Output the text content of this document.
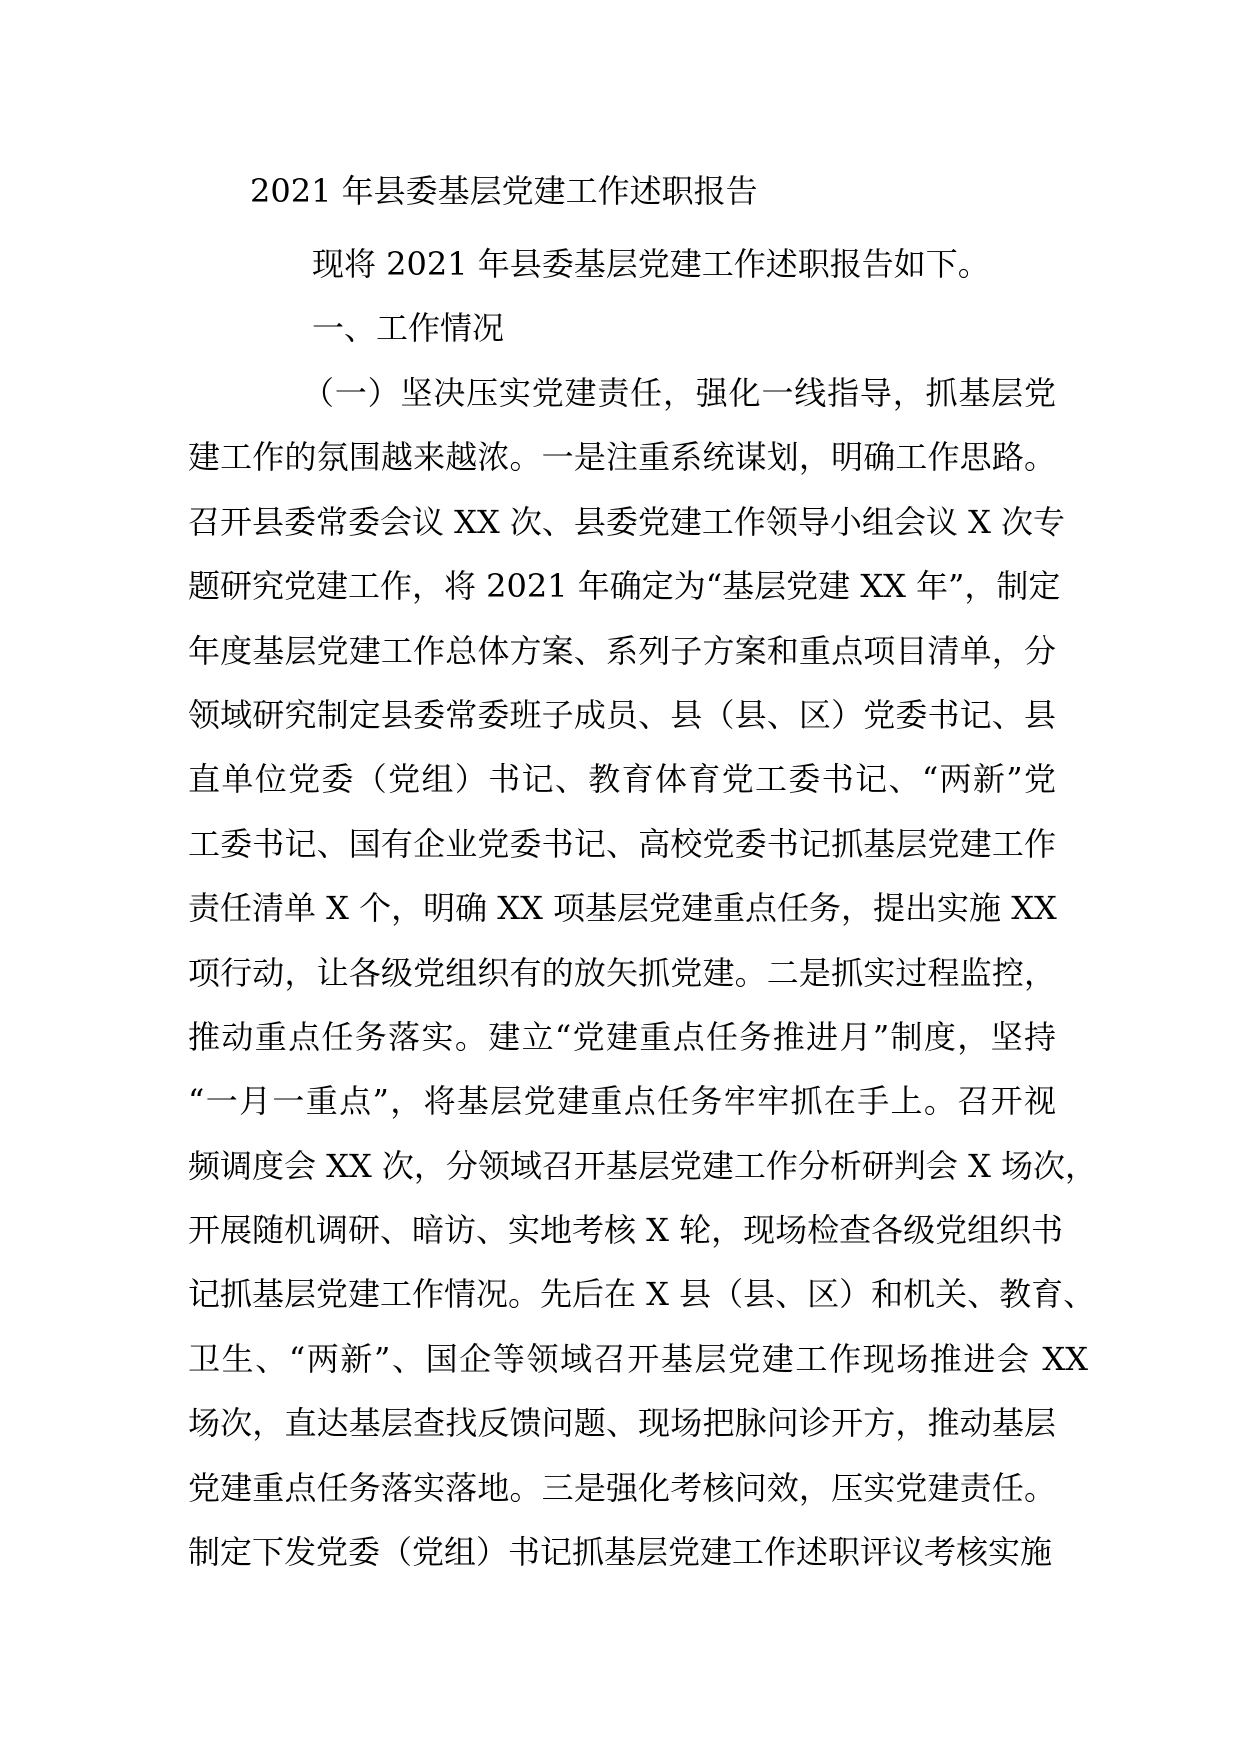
2021 年县委基层党建工作述职报告

现将 2021 年县委基层党建工作述职报告如下。

一、工作情况
（一）坚决压实党建责任，强化一线指导，抓基层党
建工作的氛围越来越浓。一是注重系统谋划，明确工作思路。
召开县委常委会议 XX 次、县委党建工作领导小组会议 X 次专
题研究党建工作，将 2021 年确定为“基层党建 XX 年”，制定
年度基层党建工作总体方案、系列子方案和重点项目清单，分
领域研究制定县委常委班子成员、县（县、区）党委书记、县
直单位党委（党组）书记、教育体育党工委书记、“两新”党
工委书记、国有企业党委书记、高校党委书记抓基层党建工作
责任清单 X 个，明确 XX 项基层党建重点任务，提出实施 XX
项行动，让各级党组织有的放矢抓党建。二是抓实过程监控，
推动重点任务落实。建立“党建重点任务推进月”制度，坚持
“一月一重点”，将基层党建重点任务牢牢抓在手上。召开视
频调度会 XX 次，分领域召开基层党建工作分析研判会 X 场次，
开展随机调研、暗访、实地考核 X 轮，现场检查各级党组织书
记抓基层党建工作情况。先后在 X 县（县、区）和机关、教育、
卫生、“两新”、国企等领域召开基层党建工作现场推进会 XX
场次，直达基层查找反馈问题、现场把脉问诊开方，推动基层
党建重点任务落实落地。三是强化考核问效，压实党建责任。
制定下发党委（党组）书记抓基层党建工作述职评议考核实施
